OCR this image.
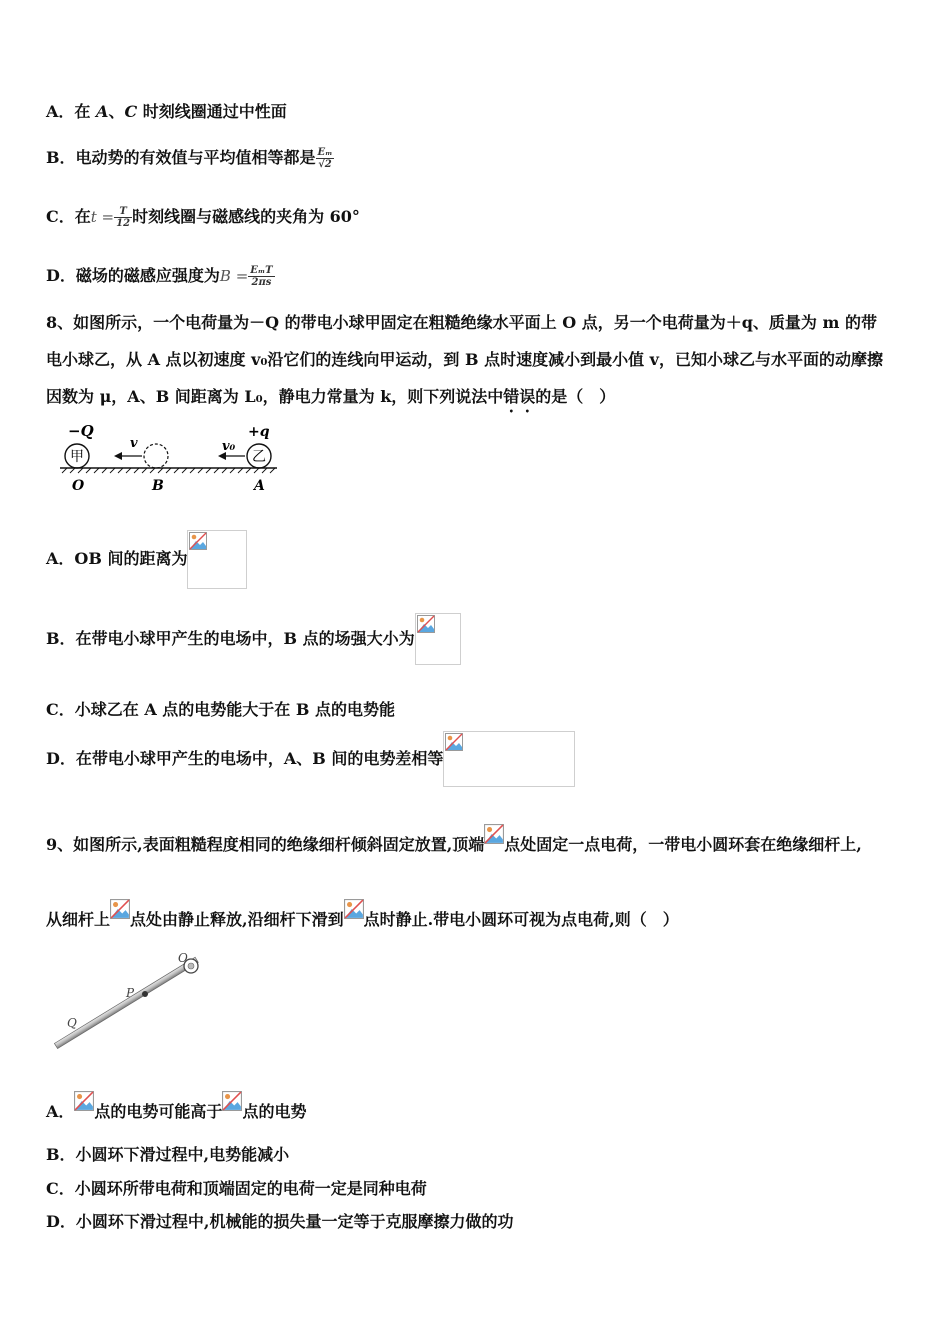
A．在 A、C 时刻线圈通过中性面
B．电动势的有效值与平均值相等都是 $\frac{\text{Eₘ}}{√2}$
C．在$t = \frac{T}{12}$ 时刻线圈与磁感线的夹角为 60°
D．磁场的磁感应强度为$B = \frac{\text{EₘT}}{2\pi s}$
8、如图所示，一个电荷量为－Q 的带电小球甲固定在粗糙绝缘水平面上 O 点，另一个电荷量为＋q、质量为 m 的带
电小球乙，从 A 点以初速度 v₀沿它们的连线向甲运动，到 B 点时速度减小到最小值 v，已知小球乙与水平面的动摩擦
因数为 μ，A、B 间距离为 L₀，静电力常量为 k，则下列说法中错误的是（　）
−Q	+q
甲	乙
v	v₀
O	B	A
A．OB 间的距离为
B．在带电小球甲产生的电场中，B 点的场强大小为
C．小球乙在 A 点的电势能大于在 B 点的电势能
D．在带电小球甲产生的电场中，A、B 间的电势差相等
9、如图所示,表面粗糙程度相同的绝缘细杆倾斜固定放置,顶端 点处固定一点电荷，一带电小圆环套在绝缘细杆上,
从细杆上 点处由静止释放,沿细杆下滑到 点时静止.带电小圆环可视为点电荷,则（　）
O
P
Q
A． 点的电势可能高于 点的电势
B．小圆环下滑过程中,电势能减小
C．小圆环所带电荷和顶端固定的电荷一定是同种电荷
D．小圆环下滑过程中,机械能的损失量一定等于克服摩擦力做的功
